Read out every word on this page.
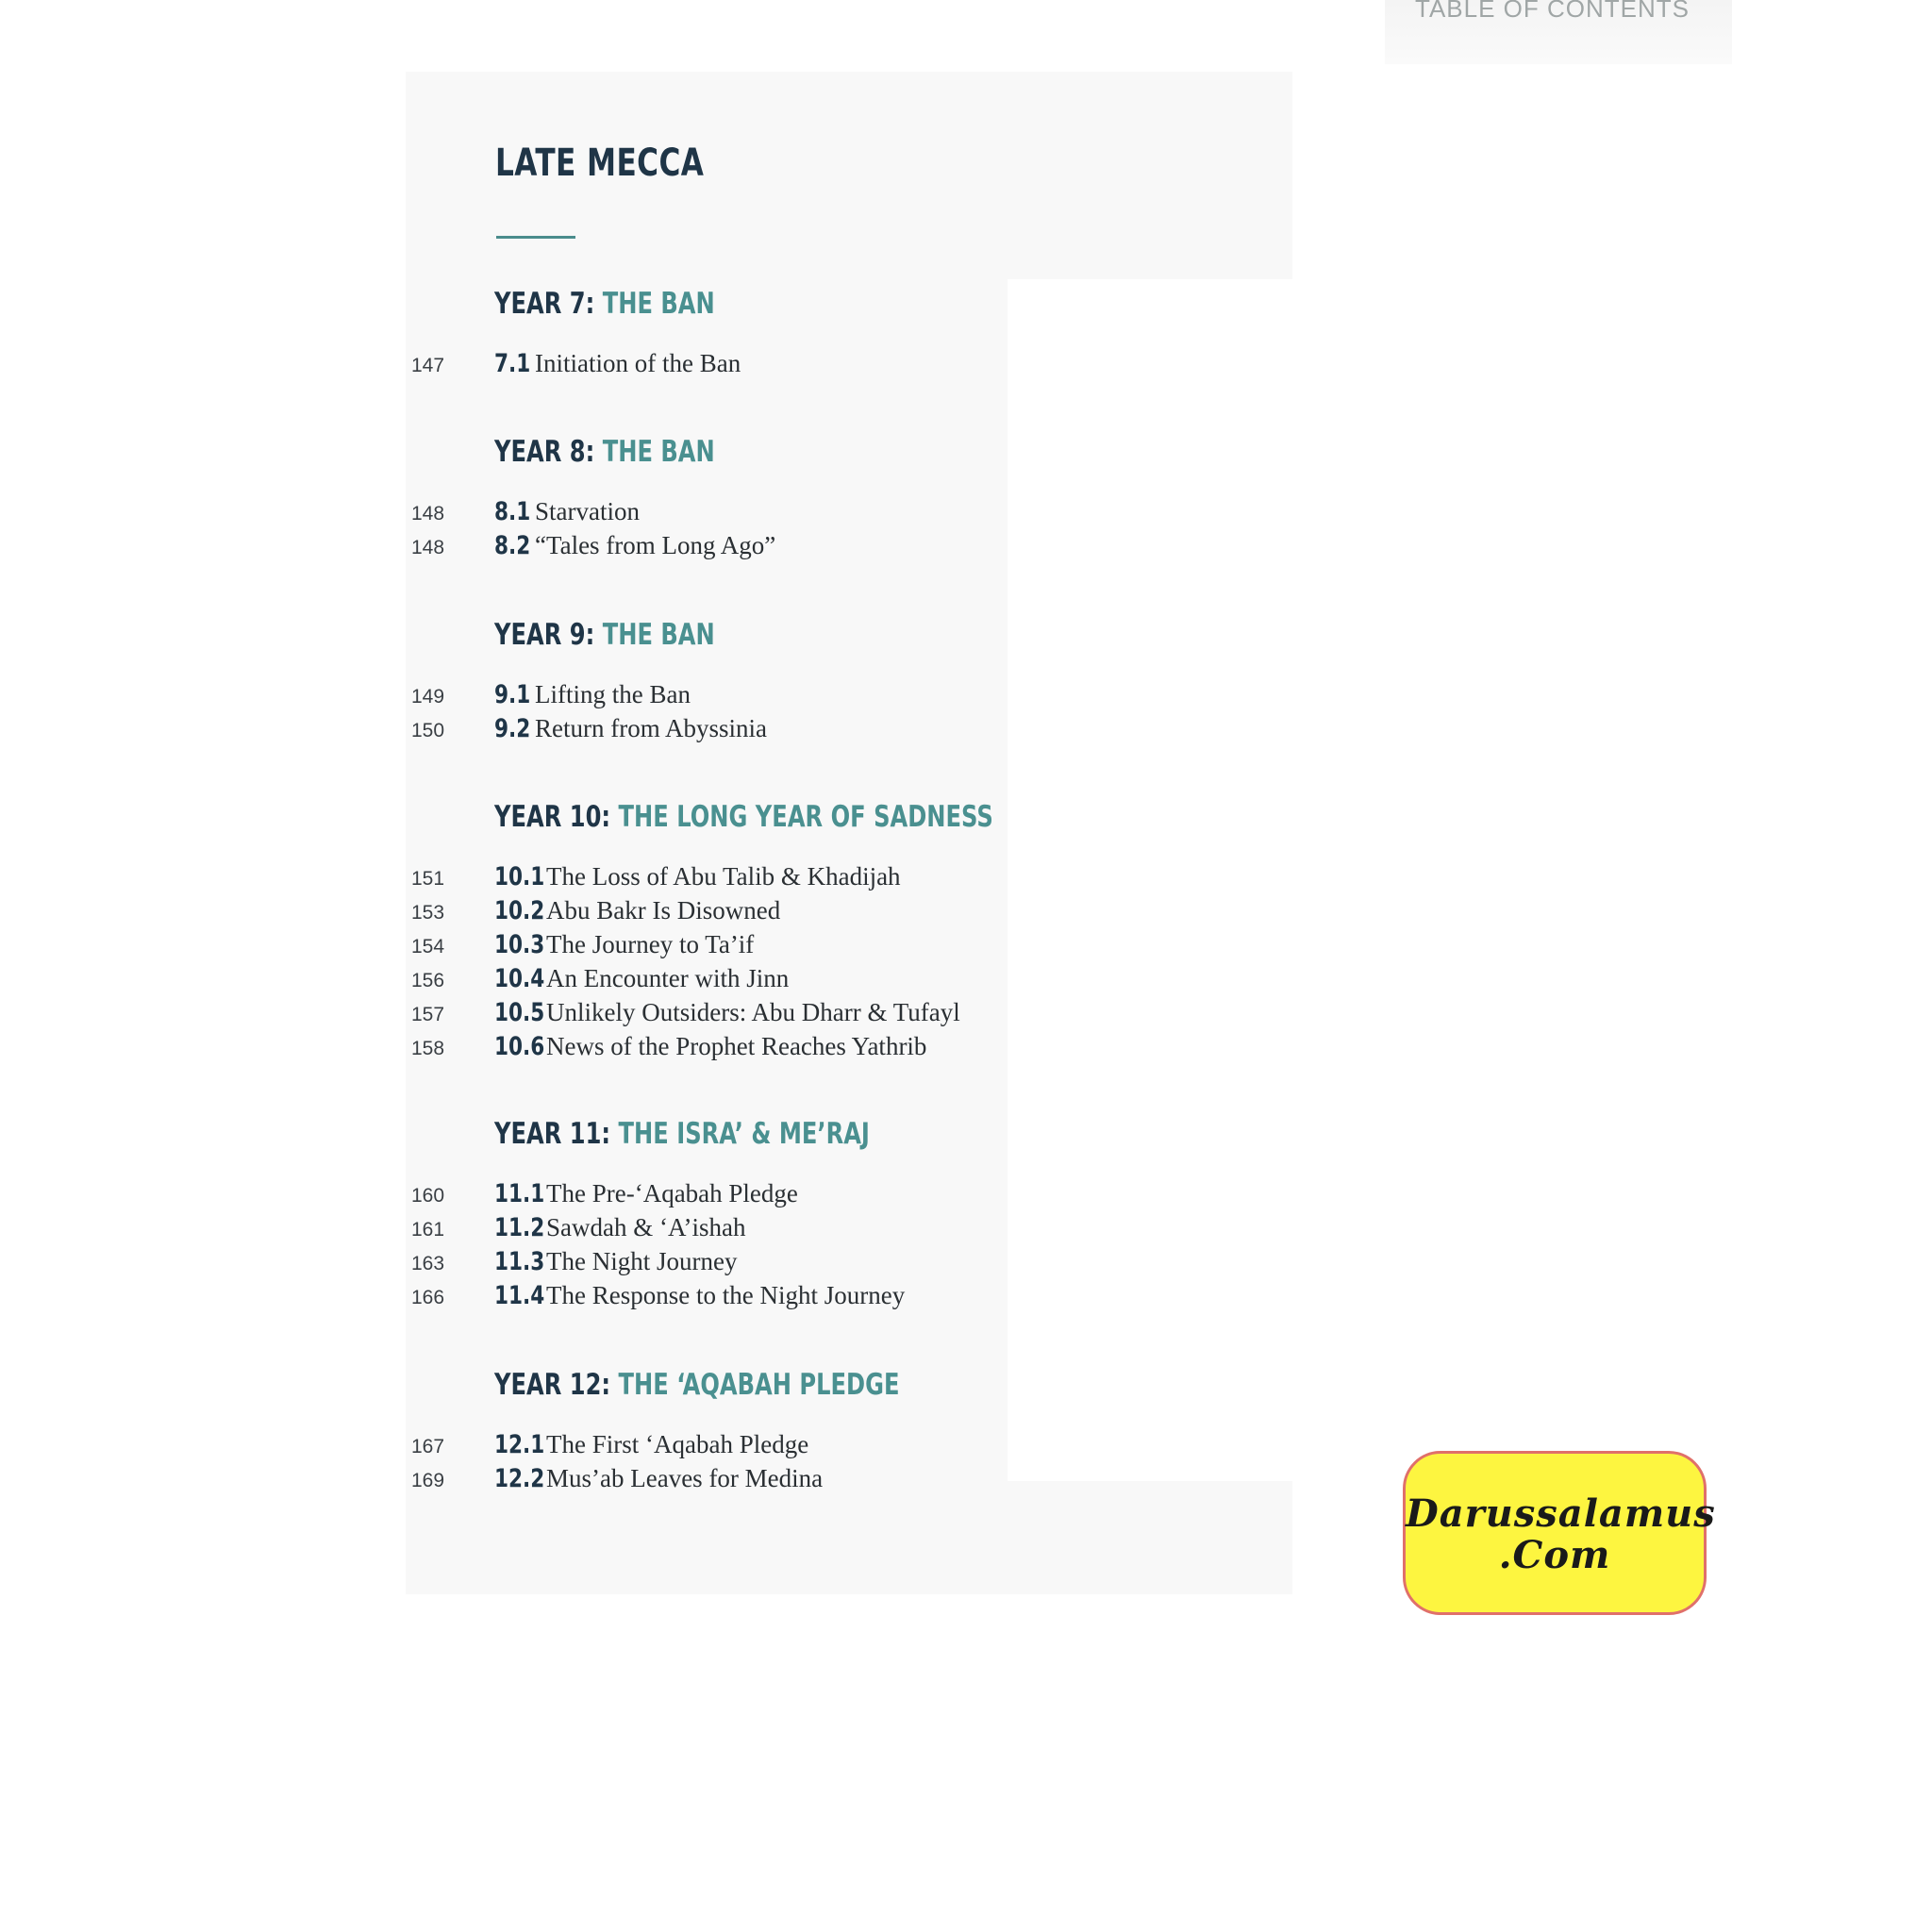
TABLE OF CONTENTS
LATE MECCA
YEAR 7: THE BAN
147 7.1 Initiation of the Ban
YEAR 8: THE BAN
148 8.1 Starvation
148 8.2 “Tales from Long Ago”
YEAR 9: THE BAN
149 9.1 Lifting the Ban
150 9.2 Return from Abyssinia
YEAR 10: THE LONG YEAR OF SADNESS
151 10.1 The Loss of Abu Talib & Khadijah
153 10.2 Abu Bakr Is Disowned
154 10.3 The Journey to Ta’if
156 10.4 An Encounter with Jinn
157 10.5 Unlikely Outsiders: Abu Dharr & Tufayl
158 10.6 News of the Prophet Reaches Yathrib
YEAR 11: THE ISRA’ & ME’RAJ
160 11.1 The Pre-‘Aqabah Pledge
161 11.2 Sawdah & ‘A’ishah
163 11.3 The Night Journey
166 11.4 The Response to the Night Journey
YEAR 12: THE ‘AQABAH PLEDGE
167 12.1 The First ‘Aqabah Pledge
169 12.2 Mus’ab Leaves for Medina
Darussalamus
.Com
